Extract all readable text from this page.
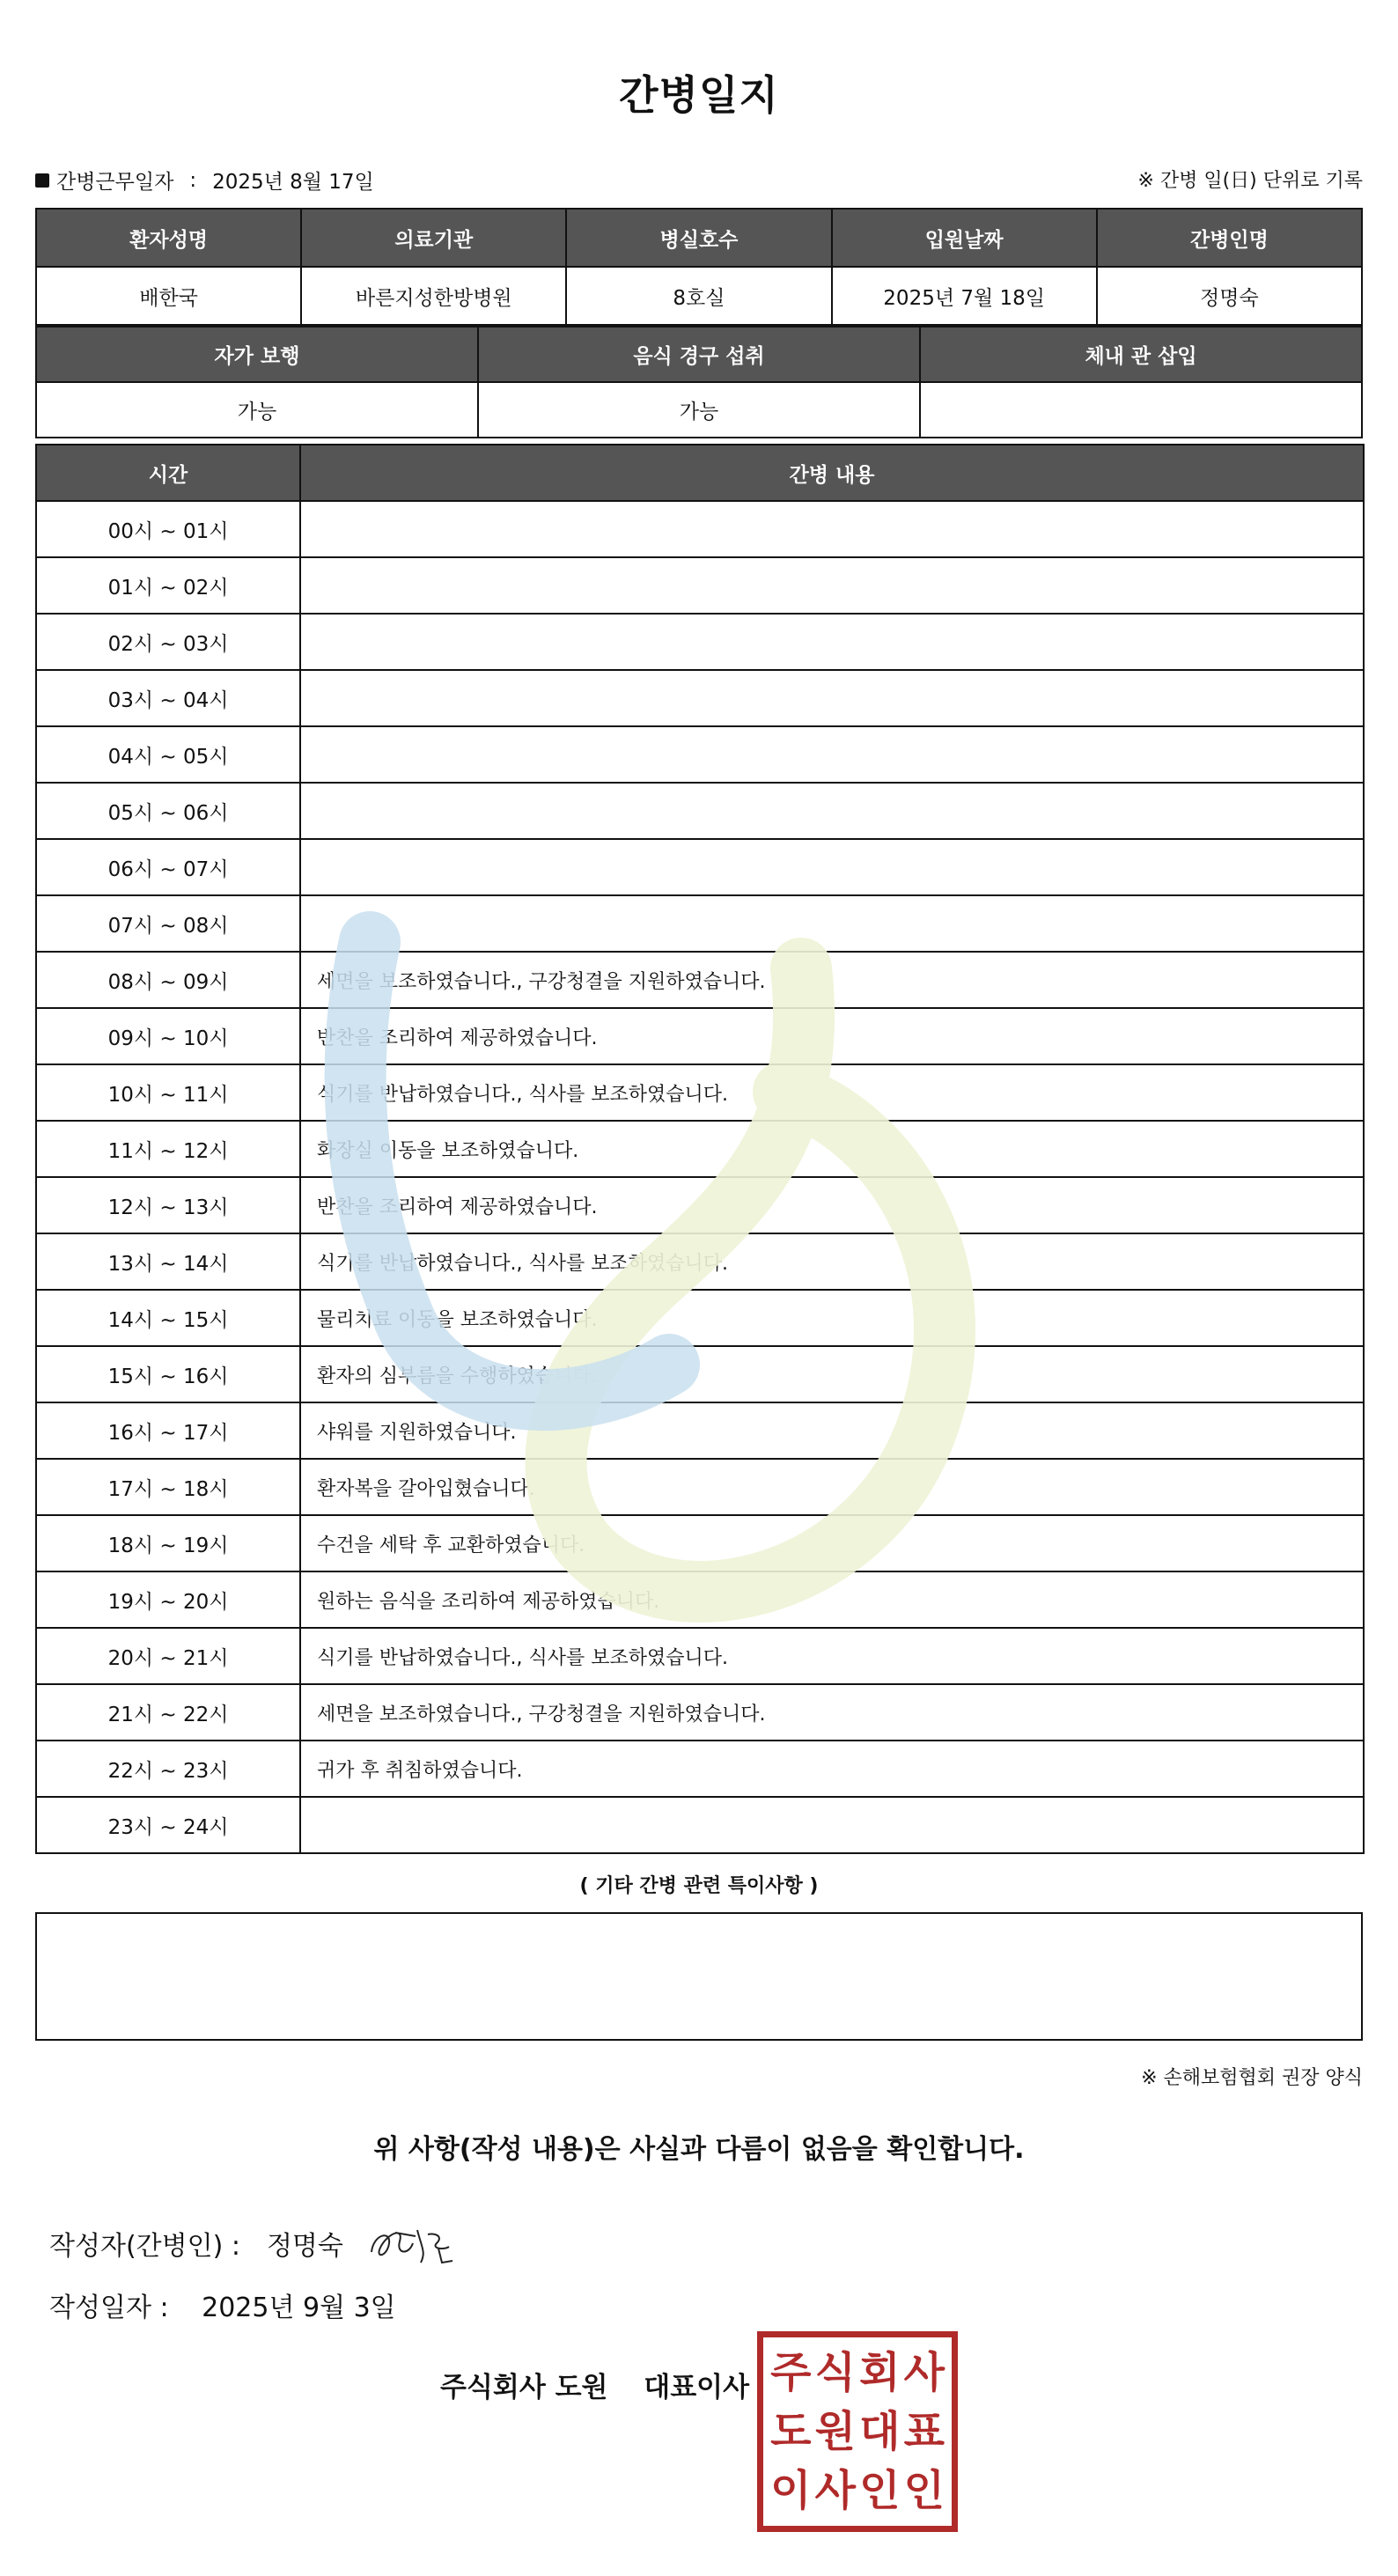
간병일지
간병근무일자 : 2025년 8월 17일	※ 간병 일(日) 단위로 기록
환자성명	의료기관	병실호수	입원날짜	간병인명
배한국	바른지성한방병원	8호실	2025년 7월 18일	정명숙
자가 보행	음식 경구 섭취	체내 관 삽입
가능	가능	
시간	간병 내용
00시 ~ 01시	
01시 ~ 02시	
02시 ~ 03시	
03시 ~ 04시	
04시 ~ 05시	
05시 ~ 06시	
06시 ~ 07시	
07시 ~ 08시	
08시 ~ 09시	세면을 보조하였습니다., 구강청결을 지원하였습니다.
09시 ~ 10시	반찬을 조리하여 제공하였습니다.
10시 ~ 11시	식기를 반납하였습니다., 식사를 보조하였습니다.
11시 ~ 12시	화장실 이동을 보조하였습니다.
12시 ~ 13시	반찬을 조리하여 제공하였습니다.
13시 ~ 14시	식기를 반납하였습니다., 식사를 보조하였습니다.
14시 ~ 15시	물리치료 이동을 보조하였습니다.
15시 ~ 16시	환자의 심부름을 수행하였습니다.
16시 ~ 17시	샤워를 지원하였습니다.
17시 ~ 18시	환자복을 갈아입혔습니다.
18시 ~ 19시	수건을 세탁 후 교환하였습니다.
19시 ~ 20시	원하는 음식을 조리하여 제공하였습니다.
20시 ~ 21시	식기를 반납하였습니다., 식사를 보조하였습니다.
21시 ~ 22시	세면을 보조하였습니다., 구강청결을 지원하였습니다.
22시 ~ 23시	귀가 후 취침하였습니다.
23시 ~ 24시	
( 기타 간병 관련 특이사항 )
※ 손해보험협회 권장 양식
위 사항(작성 내용)은 사실과 다름이 없음을 확인합니다.
작성자(간병인) : 정명숙
작성일자 : 2025년 9월 3일
주식회사 도원 대표이사 주 식 회 사
도 원 대 표
이 사 인 인
